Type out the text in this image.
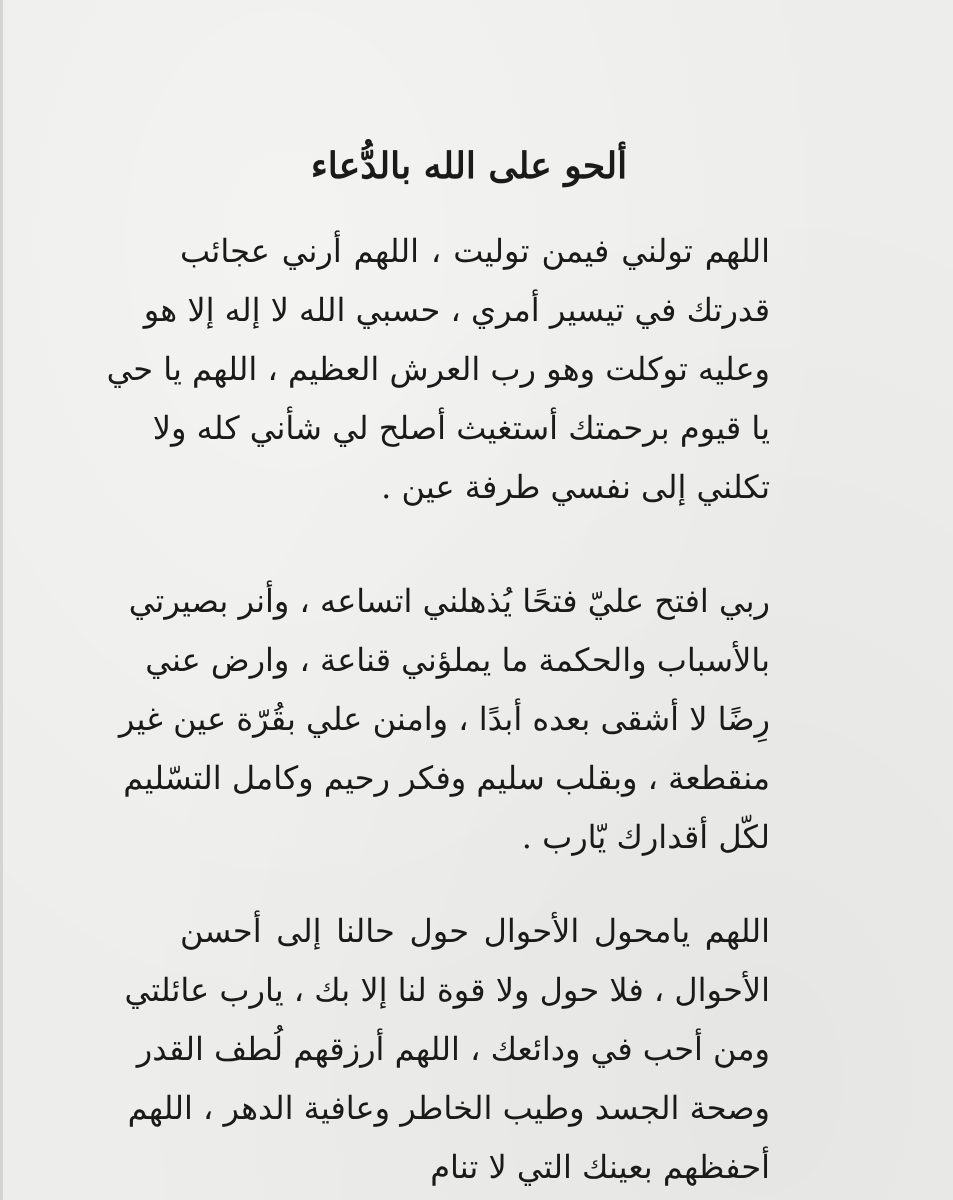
ألحو على الله بالدُّعاء
اللهم تولني فيمن توليت ، اللهم أرني عجائب
قدرتك في تيسير أمري ، حسبي الله لا إله إلا هو
وعليه توكلت وهو رب العرش العظيم ، اللهم يا حي
يا قيوم برحمتك أستغيث أصلح لي شأني كله ولا
تكلني إلى نفسي طرفة عين .
ربي افتح عليّ فتحًا يُذهلني اتساعه ، وأنر بصيرتي
بالأسباب والحكمة ما يملؤني قناعة ، وارض عني
رِضًا لا أشقى بعده أبدًا ، وامنن علي بقُرّة عين غير
منقطعة ، وبقلب سليم وفكر رحيم وكامل التسّليم
لكّل أقدارك يّارب .
اللهم يامحول الأحوال حول حالنا إلى أحسن
الأحوال ، فلا حول ولا قوة لنا إلا بك ، يارب عائلتي
ومن أحب في ودائعك ، اللهم أرزقهم لُطف القدر
وصحة الجسد وطيب الخاطر وعافية الدهر ، اللهم
أحفظهم بعينك التي لا تنام
